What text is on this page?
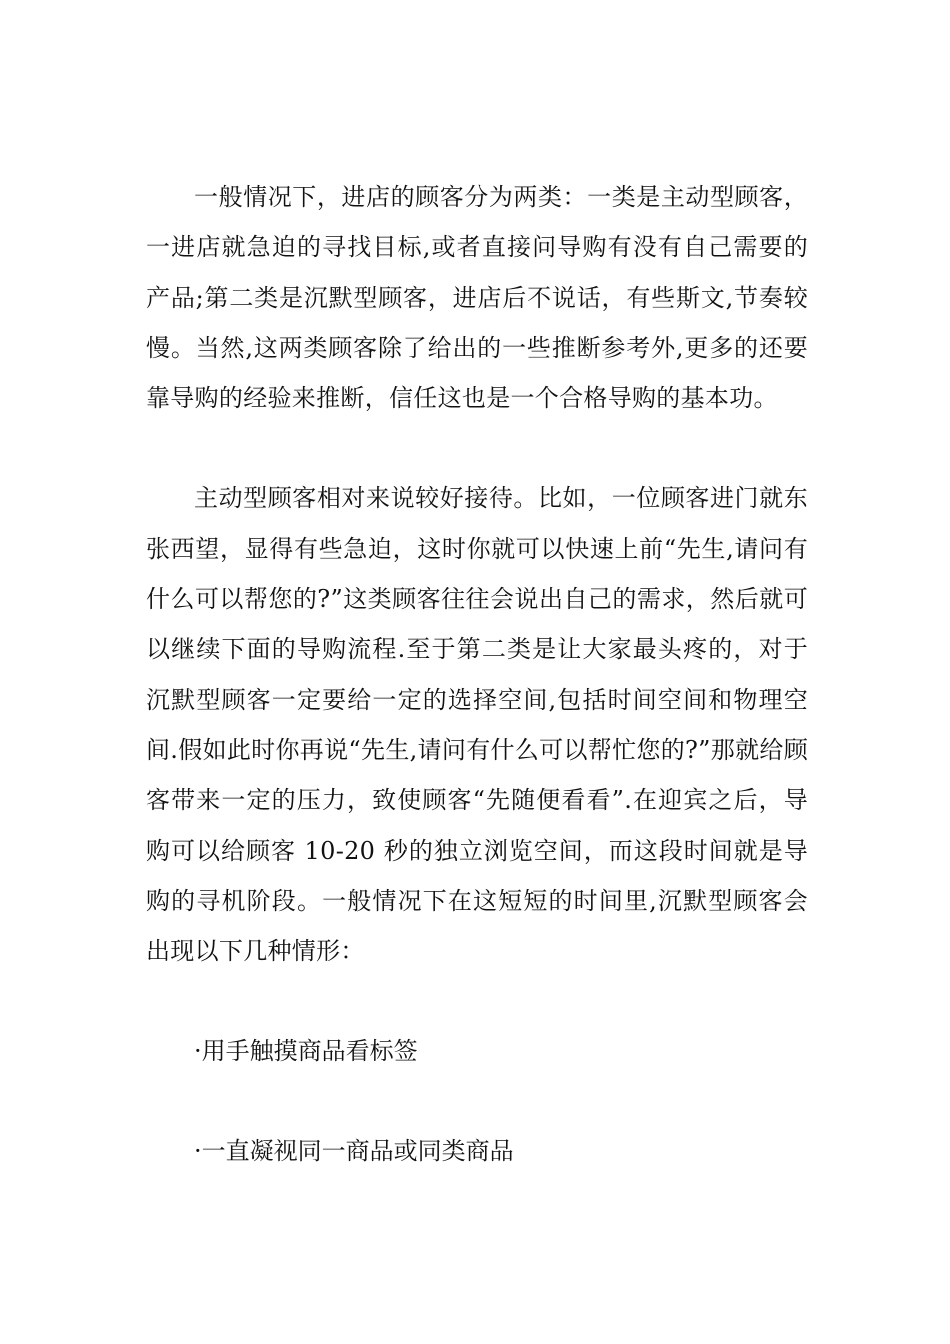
一般情况下，进店的顾客分为两类：一类是主动型顾客，一进店就急迫的寻找目标,或者直接问导购有没有自己需要的产品;第二类是沉默型顾客，进店后不说话，有些斯文,节奏较慢。当然,这两类顾客除了给出的一些推断参考外,更多的还要靠导购的经验来推断，信任这也是一个合格导购的基本功。

主动型顾客相对来说较好接待。比如，一位顾客进门就东张西望，显得有些急迫，这时你就可以快速上前“先生,请问有什么可以帮您的?”这类顾客往往会说出自己的需求，然后就可以继续下面的导购流程.至于第二类是让大家最头疼的，对于沉默型顾客一定要给一定的选择空间,包括时间空间和物理空间.假如此时你再说“先生,请问有什么可以帮忙您的?”那就给顾客带来一定的压力，致使顾客“先随便看看”.在迎宾之后，导购可以给顾客 10-20 秒的独立浏览空间，而这段时间就是导购的寻机阶段。一般情况下在这短短的时间里,沉默型顾客会出现以下几种情形：

·用手触摸商品看标签

·一直凝视同一商品或同类商品
